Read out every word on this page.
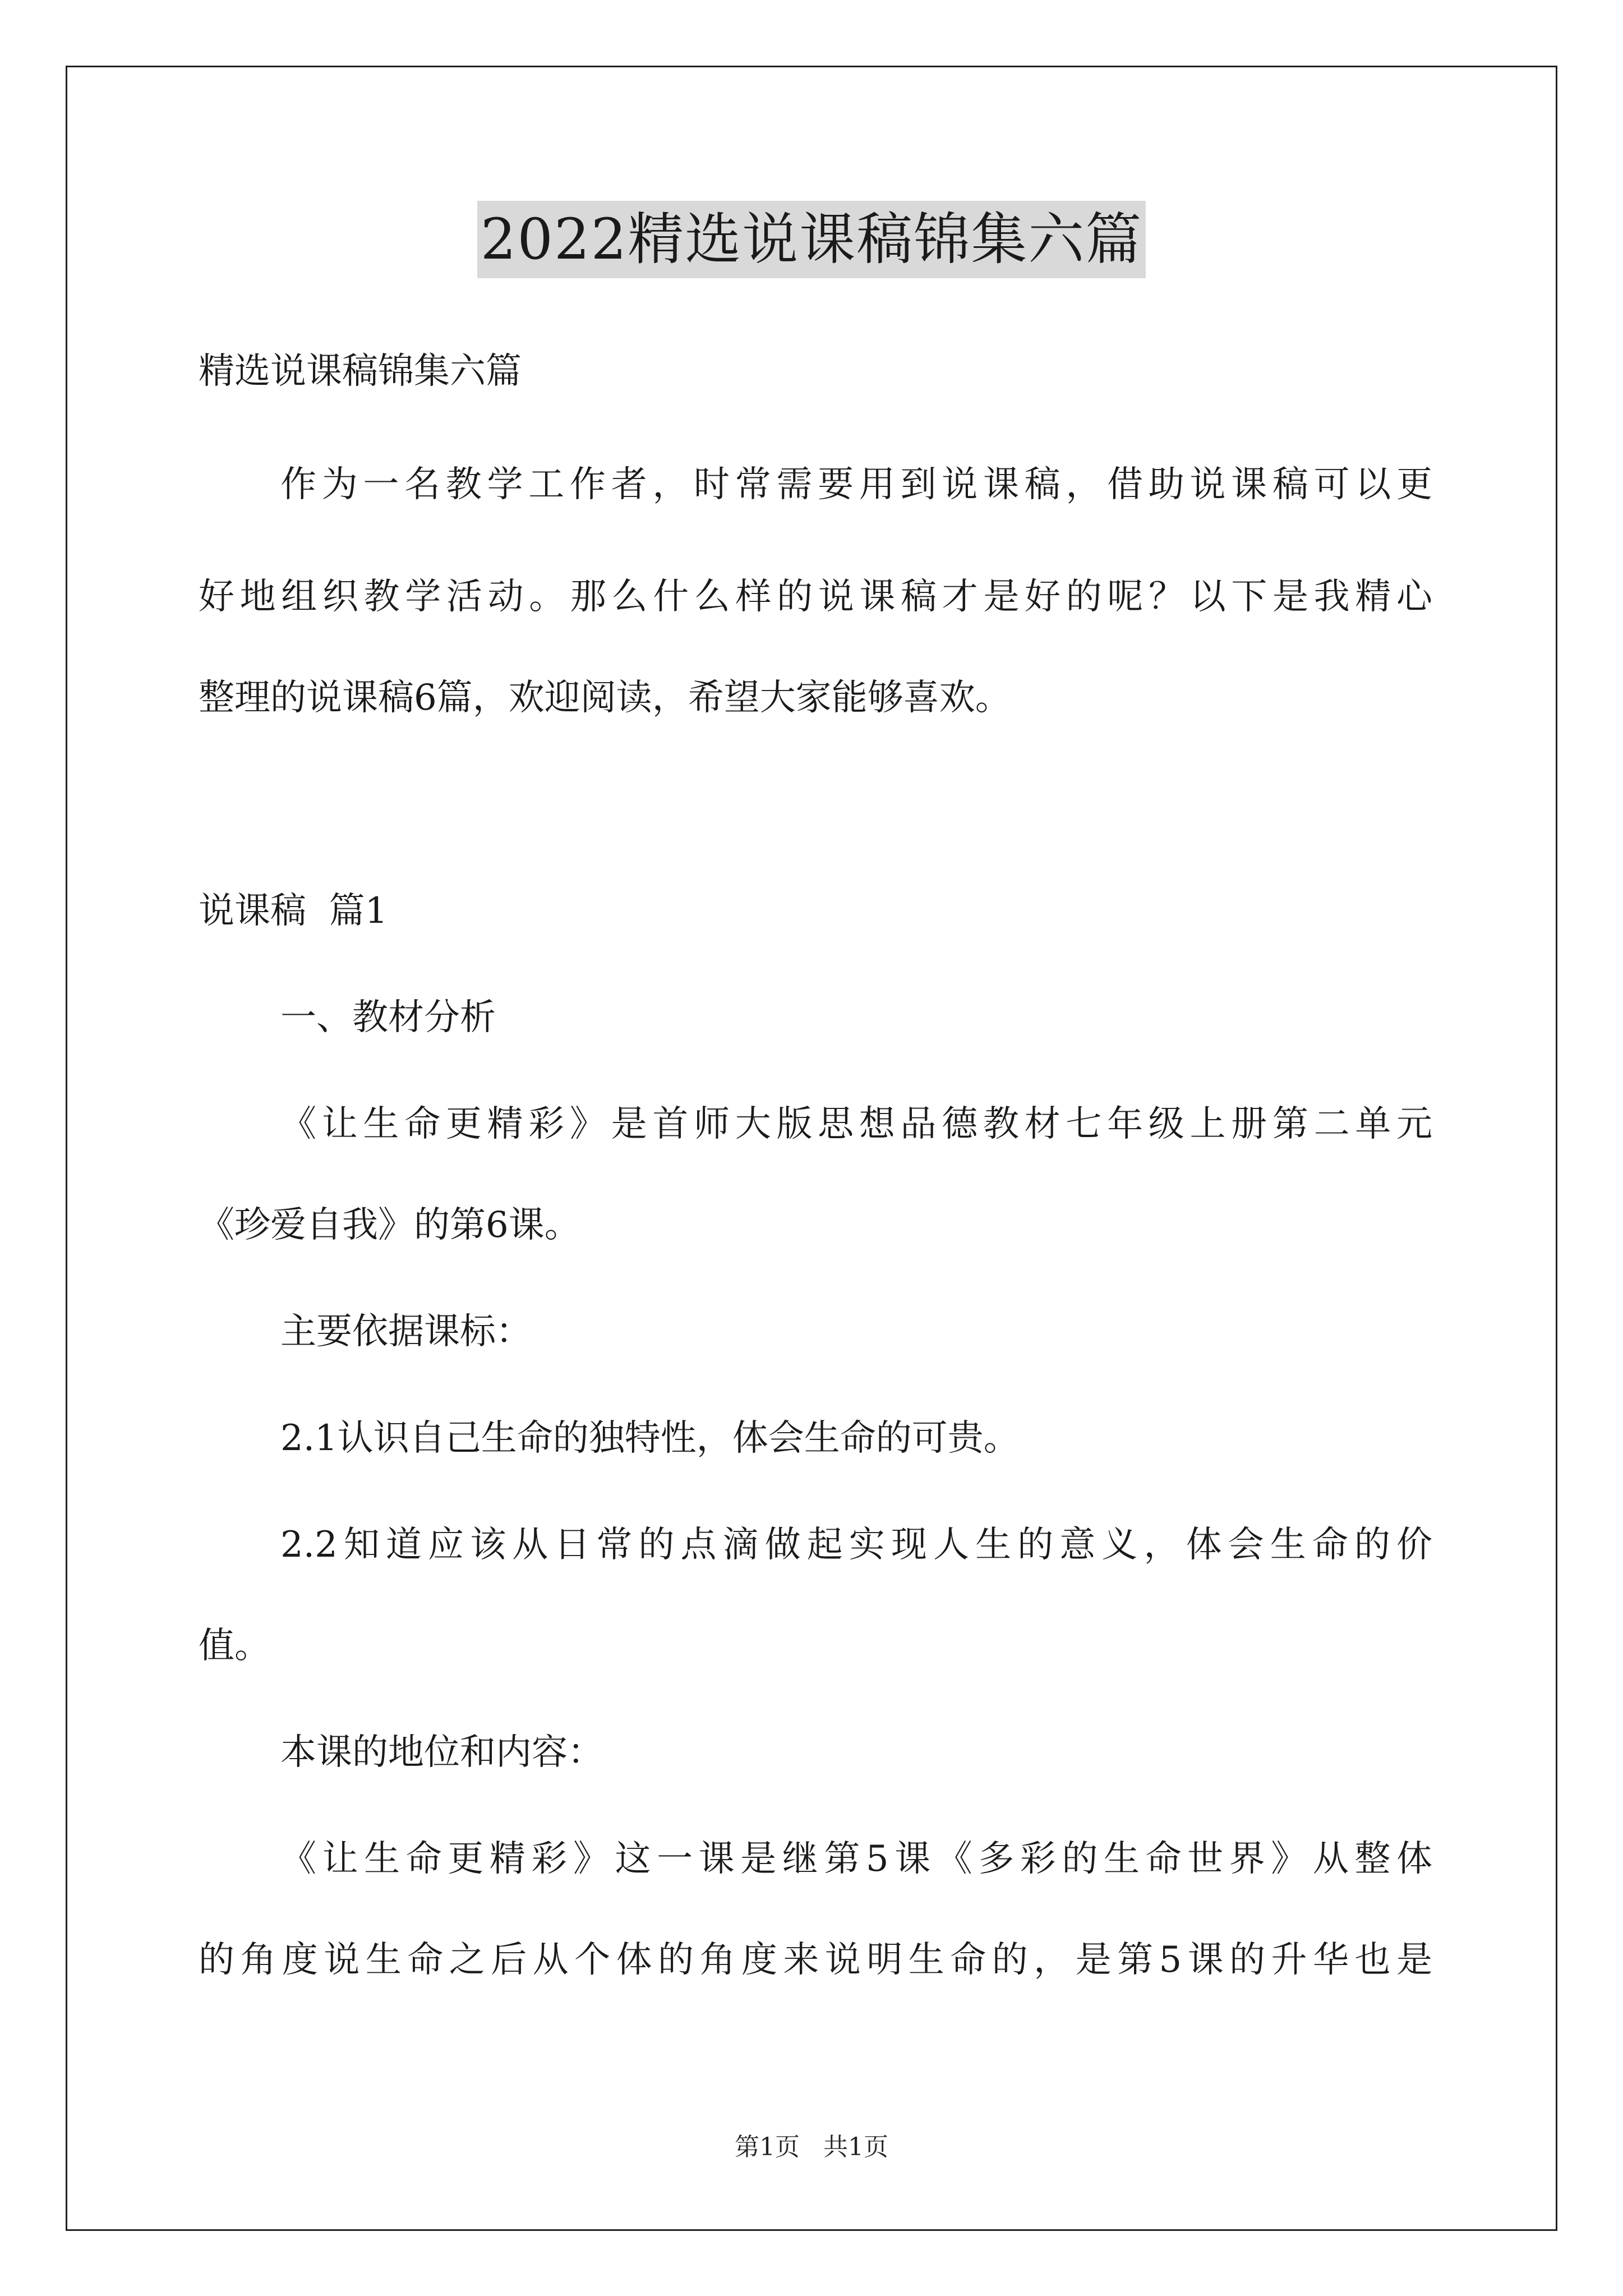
2022精选说课稿锦集六篇

精选说课稿锦集六篇

作为一名教学工作者，时常需要用到说课稿，借助说课稿可以更

好地组织教学活动。那么什么样的说课稿才是好的呢？以下是我精心

整理的说课稿6篇，欢迎阅读，希望大家能够喜欢。

说课稿  篇1

一、教材分析

《让生命更精彩》是首师大版思想品德教材七年级上册第二单元

《珍爱自我》的第6课。

主要依据课标：

2.1认识自己生命的独特性，体会生命的可贵。

2.2知道应该从日常的点滴做起实现人生的意义，体会生命的价

值。

本课的地位和内容：

《让生命更精彩》这一课是继第5课《多彩的生命世界》从整体

的角度说生命之后从个体的角度来说明生命的，是第5课的升华也是

第1页   共1页
